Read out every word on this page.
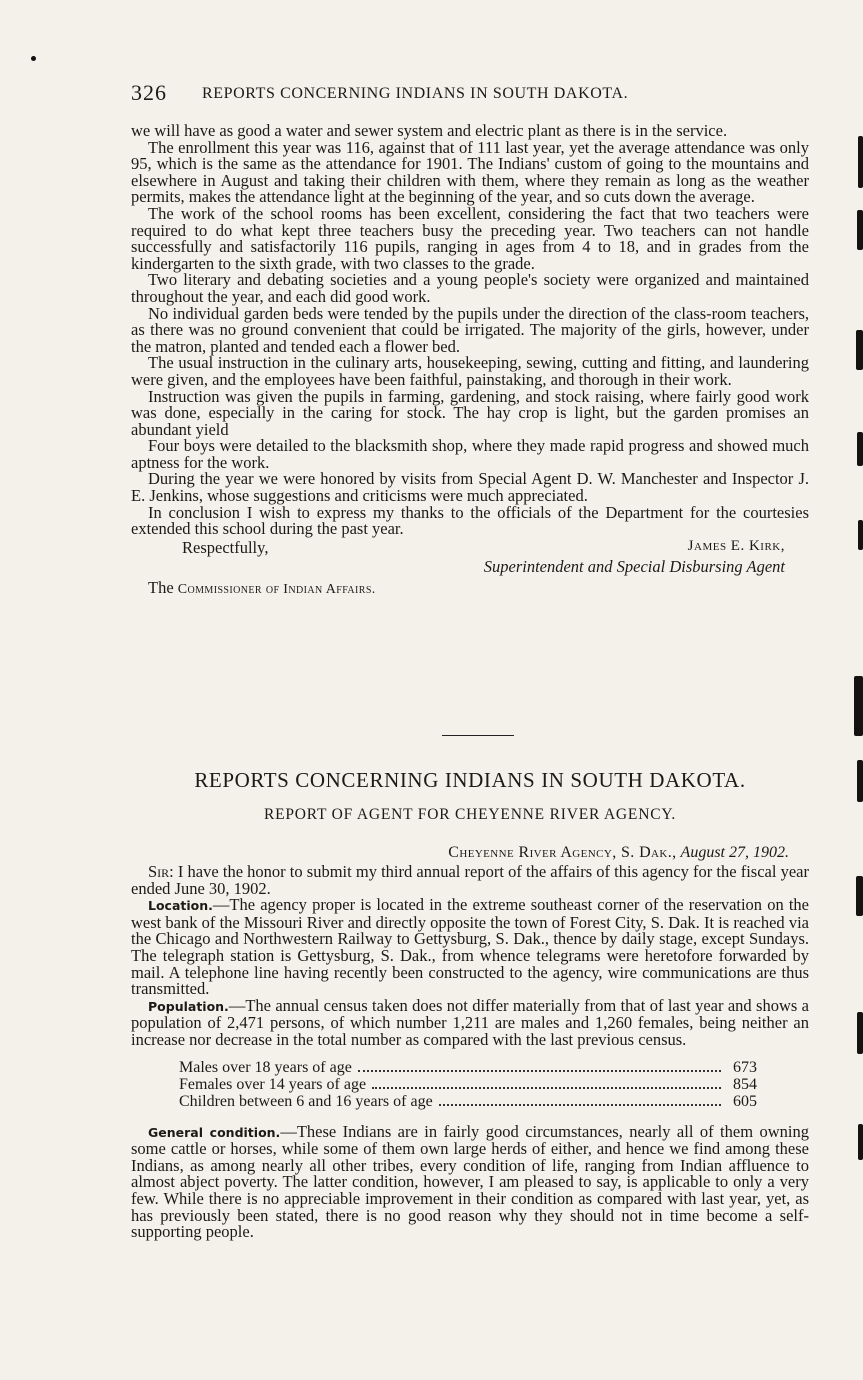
326 REPORTS CONCERNING INDIANS IN SOUTH DAKOTA.

we will have as good a water and sewer system and electric plant as there is in the service.

The enrollment this year was 116, against that of 111 last year, yet the average attendance was only 95, which is the same as the attendance for 1901. The Indians' custom of going to the mountains and elsewhere in August and taking their children with them, where they remain as long as the weather permits, makes the attendance light at the beginning of the year, and so cuts down the average.

The work of the school rooms has been excellent, considering the fact that two teachers were required to do what kept three teachers busy the preceding year. Two teachers can not handle successfully and satisfactorily 116 pupils, ranging in ages from 4 to 18, and in grades from the kindergarten to the sixth grade, with two classes to the grade.

Two literary and debating societies and a young people's society were organized and maintained throughout the year, and each did good work.

No individual garden beds were tended by the pupils under the direction of the class-room teachers, as there was no ground convenient that could be irrigated. The majority of the girls, however, under the matron, planted and tended each a flower bed.

The usual instruction in the culinary arts, housekeeping, sewing, cutting and fitting, and laundering were given, and the employees have been faithful, painstaking, and thorough in their work.

Instruction was given the pupils in farming, gardening, and stock raising, where fairly good work was done, especially in the caring for stock. The hay crop is light, but the garden promises an abundant yield

Four boys were detailed to the blacksmith shop, where they made rapid progress and showed much aptness for the work.

During the year we were honored by visits from Special Agent D. W. Manchester and Inspector J. E. Jenkins, whose suggestions and criticisms were much appreciated.

In conclusion I wish to express my thanks to the officials of the Department for the courtesies extended this school during the past year.

Respectfully,	James E. Kirk,
Superintendent and Special Disbursing Agent
The Commissioner of Indian Affairs.
REPORTS CONCERNING INDIANS IN SOUTH DAKOTA.
REPORT OF AGENT FOR CHEYENNE RIVER AGENCY.
Cheyenne River Agency, S. Dak., August 27, 1902.

Sir: I have the honor to submit my third annual report of the affairs of this agency for the fiscal year ended June 30, 1902.

Location.—The agency proper is located in the extreme southeast corner of the reservation on the west bank of the Missouri River and directly opposite the town of Forest City, S. Dak. It is reached via the Chicago and Northwestern Railway to Gettysburg, S. Dak., thence by daily stage, except Sundays. The telegraph station is Gettysburg, S. Dak., from whence telegrams were heretofore forwarded by mail. A telephone line having recently been constructed to the agency, wire communications are thus transmitted.

Population.—The annual census taken does not differ materially from that of last year and shows a population of 2,471 persons, of which number 1,211 are males and 1,260 females, being neither an increase nor decrease in the total number as compared with the last previous census.

Males over 18 years of age	673
Females over 14 years of age	854
Children between 6 and 16 years of age	605

General condition.—These Indians are in fairly good circumstances, nearly all of them owning some cattle or horses, while some of them own large herds of either, and hence we find among these Indians, as among nearly all other tribes, every condition of life, ranging from Indian affluence to almost abject poverty. The latter condition, however, I am pleased to say, is applicable to only a very few. While there is no appreciable improvement in their condition as compared with last year, yet, as has previously been stated, there is no good reason why they should not in time become a self-supporting people.
